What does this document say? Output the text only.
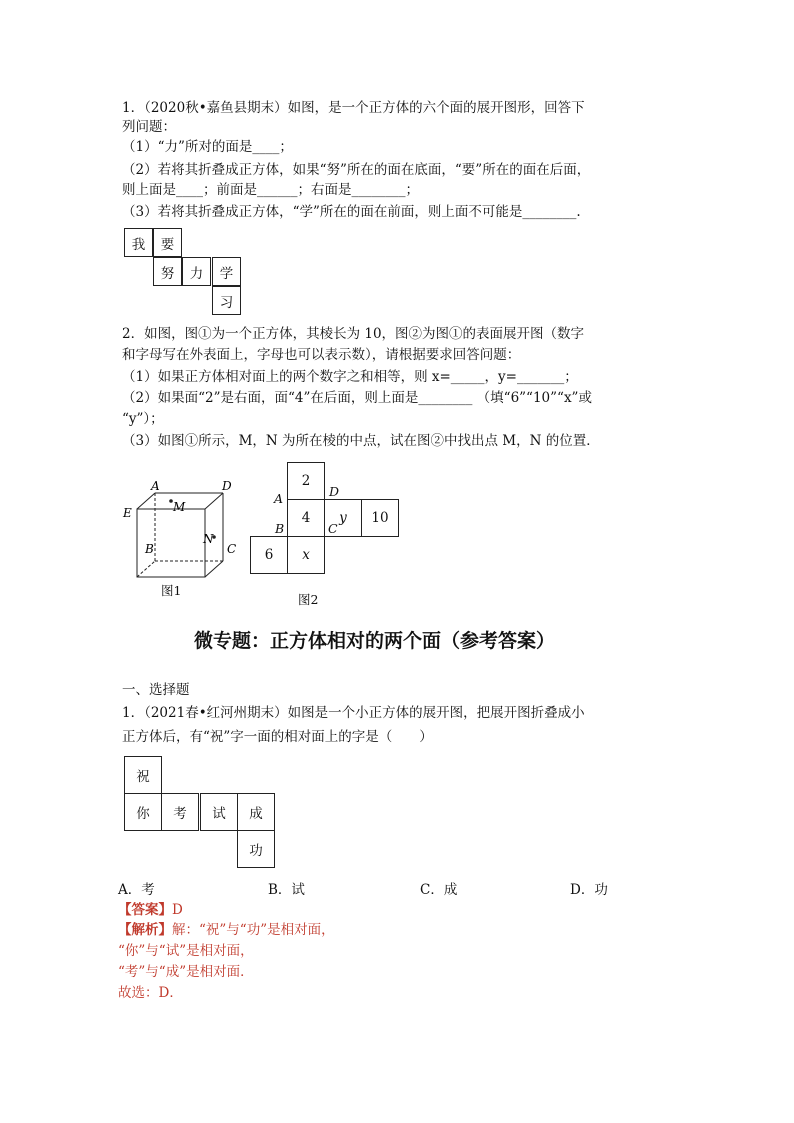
1．（2020秋•嘉鱼县期末）如图，是一个正方体的六个面的展开图形，回答下
列问题：
（1）“力”所对的面是____；
（2）若将其折叠成正方体，如果“努”所在的面在底面，“要”所在的面在后面，
则上面是____；前面是______；右面是________；
（3）若将其折叠成正方体，“学”所在的面在前面，则上面不可能是________.
我	要
努	力	学
习
2．如图，图①为一个正方体，其棱长为 10，图②为图①的表面展开图（数字
和字母写在外表面上，字母也可以表示数），请根据要求回答问题：
（1）如果正方体相对面上的两个数字之和相等，则 x=_____，y=_______；
（2）如果面“2”是右面，面“4”在后面，则上面是________ （填“6”“10”“x”或
“y”）；
（3）如图①所示，M，N 为所在棱的中点，试在图②中找出点 M，N 的位置．
A	D
E	M
N
B	C
图1
2
4	y	10
6	x
A	D
B	C
图2
微专题：正方体相对的两个面（参考答案）
一、选择题
1．（2021春•红河州期末）如图是一个小正方体的展开图，把展开图折叠成小
正方体后，有“祝”字一面的相对面上的字是（　　）
祝
你	考	试	成
功
A．考	B．试	C．成	D．功
【答案】D
【解析】解：“祝”与“功”是相对面，
“你”与“试”是相对面，
“考”与“成”是相对面．
故选：D．
